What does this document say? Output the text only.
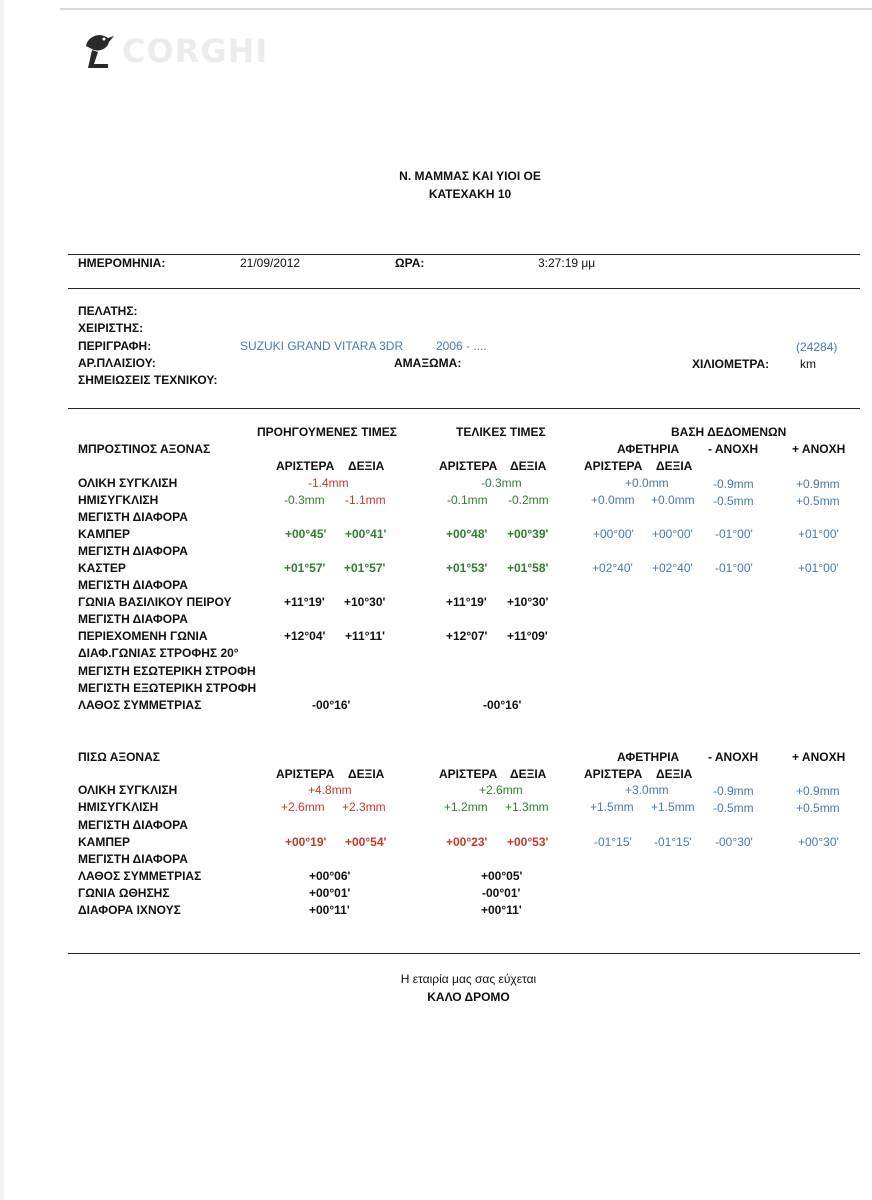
CORGHI
Ν. ΜΑΜΜΑΣ ΚΑΙ ΥΙΟΙ ΟΕ
ΚΑΤΕΧΑΚΗ 10
ΗΜΕΡΟΜΗΝΙΑ:	21/09/2012	ΩΡΑ:	3:27:19 μμ
ΠΕΛΑΤΗΣ:
ΧΕΙΡΙΣΤΗΣ:
ΠΕΡΙΓΡΑΦΗ:	SUZUKI GRAND VITARA 3DR	2006 - ....	(24284)
ΑΡ.ΠΛΑΙΣΙΟΥ:	ΑΜΑΞΩΜΑ:	ΧΙΛΙΟΜΕΤΡΑ:	km
ΣΗΜΕΙΩΣΕΙΣ ΤΕΧΝΙΚΟΥ:
ΠΡΟΗΓΟΥΜΕΝΕΣ ΤΙΜΕΣ	ΤΕΛΙΚΕΣ ΤΙΜΕΣ	ΒΑΣΗ ΔΕΔΟΜΕΝΩΝ
ΜΠΡΟΣΤΙΝΟΣ ΑΞΟΝΑΣ	ΑΦΕΤΗΡΙΑ - ΑΝΟΧΗ	+ ΑΝΟΧΗ
ΑΡΙΣΤΕΡΑ ΔΕΞΙΑ	ΑΡΙΣΤΕΡΑ ΔΕΞΙΑ	ΑΡΙΣΤΕΡΑ ΔΕΞΙΑ
ΟΛΙΚΗ ΣΥΓΚΛΙΣΗ	-1.4mm	-0.3mm	+0.0mm	-0.9mm	+0.9mm
ΗΜΙΣΥΓΚΛΙΣΗ	-0.3mm -1.1mm	-0.1mm -0.2mm	+0.0mm +0.0mm -0.5mm	+0.5mm
ΜΕΓΙΣΤΗ ΔΙΑΦΟΡΑ
ΚΑΜΠΕΡ	+00°45' +00°41'	+00°48' +00°39'	+00°00' +00°00' -01°00'	+01°00'
ΜΕΓΙΣΤΗ ΔΙΑΦΟΡΑ
ΚΑΣΤΕΡ	+01°57' +01°57'	+01°53' +01°58'	+02°40' +02°40' -01°00'	+01°00'
ΜΕΓΙΣΤΗ ΔΙΑΦΟΡΑ
ΓΩΝΙΑ ΒΑΣΙΛΙΚΟΥ ΠΕΙΡΟΥ	+11°19' +10°30'	+11°19' +10°30'
ΜΕΓΙΣΤΗ ΔΙΑΦΟΡΑ
ΠΕΡΙΕΧΟΜΕΝΗ ΓΩΝΙΑ	+12°04' +11°11'	+12°07' +11°09'
ΔΙΑΦ.ΓΩΝΙΑΣ ΣΤΡΟΦΗΣ 20°
ΜΕΓΙΣΤΗ ΕΣΩΤΕΡΙΚΗ ΣΤΡΟΦΗ
ΜΕΓΙΣΤΗ ΕΞΩΤΕΡΙΚΗ ΣΤΡΟΦΗ
ΛΑΘΟΣ ΣΥΜΜΕΤΡΙΑΣ	-00°16'	-00°16'
ΠΙΣΩ ΑΞΟΝΑΣ	ΑΦΕΤΗΡΙΑ - ΑΝΟΧΗ	+ ΑΝΟΧΗ
ΑΡΙΣΤΕΡΑ ΔΕΞΙΑ	ΑΡΙΣΤΕΡΑ ΔΕΞΙΑ	ΑΡΙΣΤΕΡΑ ΔΕΞΙΑ
ΟΛΙΚΗ ΣΥΓΚΛΙΣΗ	+4.8mm	+2.6mm	+3.0mm	-0.9mm	+0.9mm
ΗΜΙΣΥΓΚΛΙΣΗ	+2.6mm +2.3mm	+1.2mm +1.3mm	+1.5mm +1.5mm -0.5mm	+0.5mm
ΜΕΓΙΣΤΗ ΔΙΑΦΟΡΑ
ΚΑΜΠΕΡ	+00°19' +00°54'	+00°23' +00°53'	-01°15' -01°15' -00°30'	+00°30'
ΜΕΓΙΣΤΗ ΔΙΑΦΟΡΑ
ΛΑΘΟΣ ΣΥΜΜΕΤΡΙΑΣ	+00°06'	+00°05'
ΓΩΝΙΑ ΩΘΗΣΗΣ	+00°01'	-00°01'
ΔΙΑΦΟΡΑ ΙΧΝΟΥΣ	+00°11'	+00°11'
Η εταιρία μας σας εύχεται
ΚΑΛΟ ΔΡΟΜΟ
